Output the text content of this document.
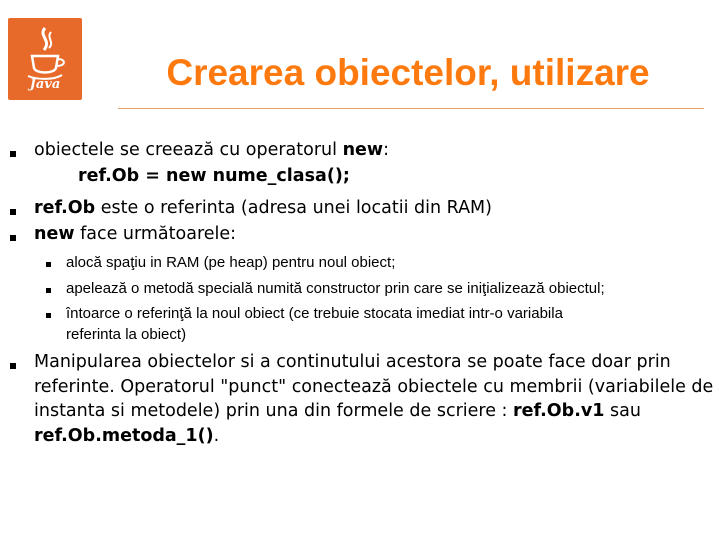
Java	Crearea obiectelor, utilizare

obiectele se creează cu operatorul new:

ref.Ob = new nume_clasa();

ref.Ob este o referinta (adresa unei locatii din RAM)

new face următoarele:

alocă spaţiu in RAM (pe heap) pentru noul obiect;

apelează o metodă specială numită constructor prin care se iniţializează obiectul;

întoarce o referinţă la noul obiect (ce trebuie stocata imediat intr-o variabila

referinta la obiect)

Manipularea obiectelor si a continutului acestora se poate face doar prin
referinte. Operatorul "punct" conectează obiectele cu membrii (variabilele de
instanta si metodele) prin una din formele de scriere : ref.Ob.v1 sau
ref.Ob.metoda_1().
